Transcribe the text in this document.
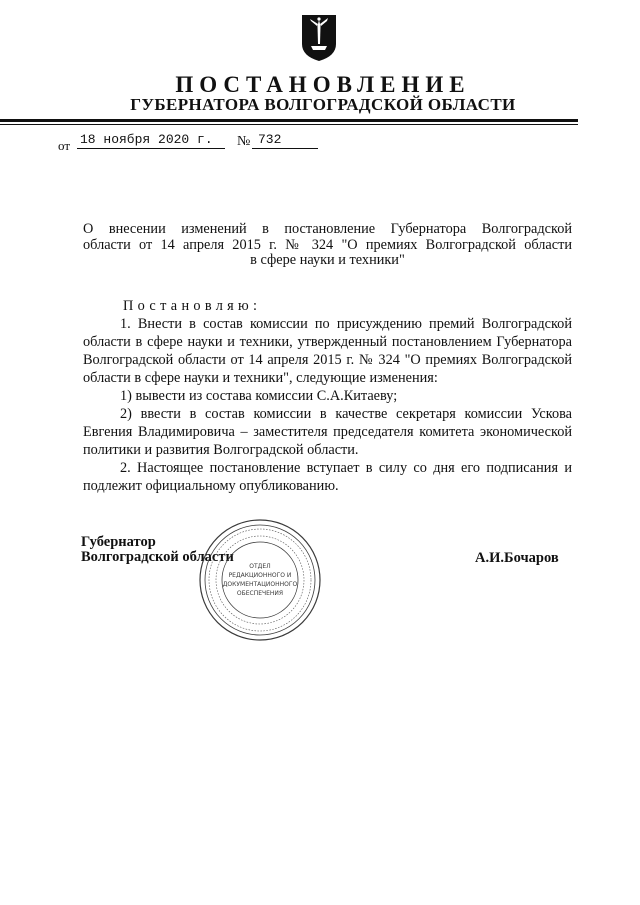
ПОСТАНОВЛЕНИЕ
ГУБЕРНАТОРА ВОЛГОГРАДСКОЙ ОБЛАСТИ
от 18 ноября 2020 г. № 732
О внесении изменений в постановление Губернатора Волгоградской
области от 14 апреля 2015 г. № 324 "О премиях Волгоградской области
в сфере науки и техники"
Постановляю:

1. Внести в состав комиссии по присуждению премий Волгоградской области в сфере науки и техники, утвержденный постановлением Губернатора Волгоградской области от 14 апреля 2015 г. № 324 "О премиях Волгоградской области в сфере науки и техники", следующие изменения:

1) вывести из состава комиссии С.А.Китаеву;

2) ввести в состав комиссии в качестве секретаря комиссии Ускова Евгения Владимировича – заместителя председателя комитета экономической политики и развития Волгоградской области.

2. Настоящее постановление вступает в силу со дня его подписания и подлежит официальному опубликованию.

Губернатор
Волгоградской области	А.И.Бочаров
ОТДЕЛ
РЕДАКЦИОННОГО И
ДОКУМЕНТАЦИОННОГО
ОБЕСПЕЧЕНИЯ
